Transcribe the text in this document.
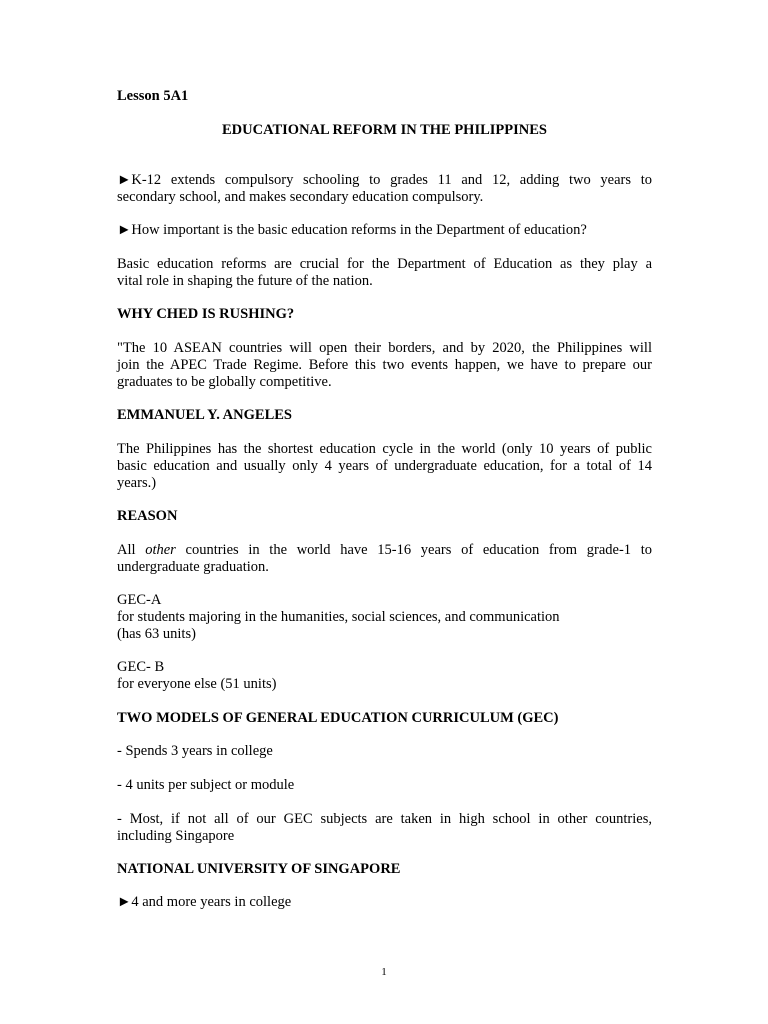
Lesson 5A1
EDUCATIONAL REFORM IN THE PHILIPPINES
►K-12 extends compulsory schooling to grades 11 and 12, adding two years to
secondary school, and makes secondary education compulsory.
►How important is the basic education reforms in the Department of education?
Basic education reforms are crucial for the Department of Education as they play a
vital role in shaping the future of the nation.
WHY CHED IS RUSHING?
"The 10 ASEAN countries will open their borders, and by 2020, the Philippines will
join the APEC Trade Regime. Before this two events happen, we have to prepare our
graduates to be globally competitive.
EMMANUEL Y. ANGELES
The Philippines has the shortest education cycle in the world (only 10 years of public
basic education and usually only 4 years of undergraduate education, for a total of 14
years.)
REASON
All other countries in the world have 15-16 years of education from grade-1 to
undergraduate graduation.
GEC-A
for students majoring in the humanities, social sciences, and communication
(has 63 units)
GEC- B
for everyone else (51 units)
TWO MODELS OF GENERAL EDUCATION CURRICULUM (GEC)
- Spends 3 years in college
- 4 units per subject or module
- Most, if not all of our GEC subjects are taken in high school in other countries,
including Singapore
NATIONAL UNIVERSITY OF SINGAPORE
►4 and more years in college
1
